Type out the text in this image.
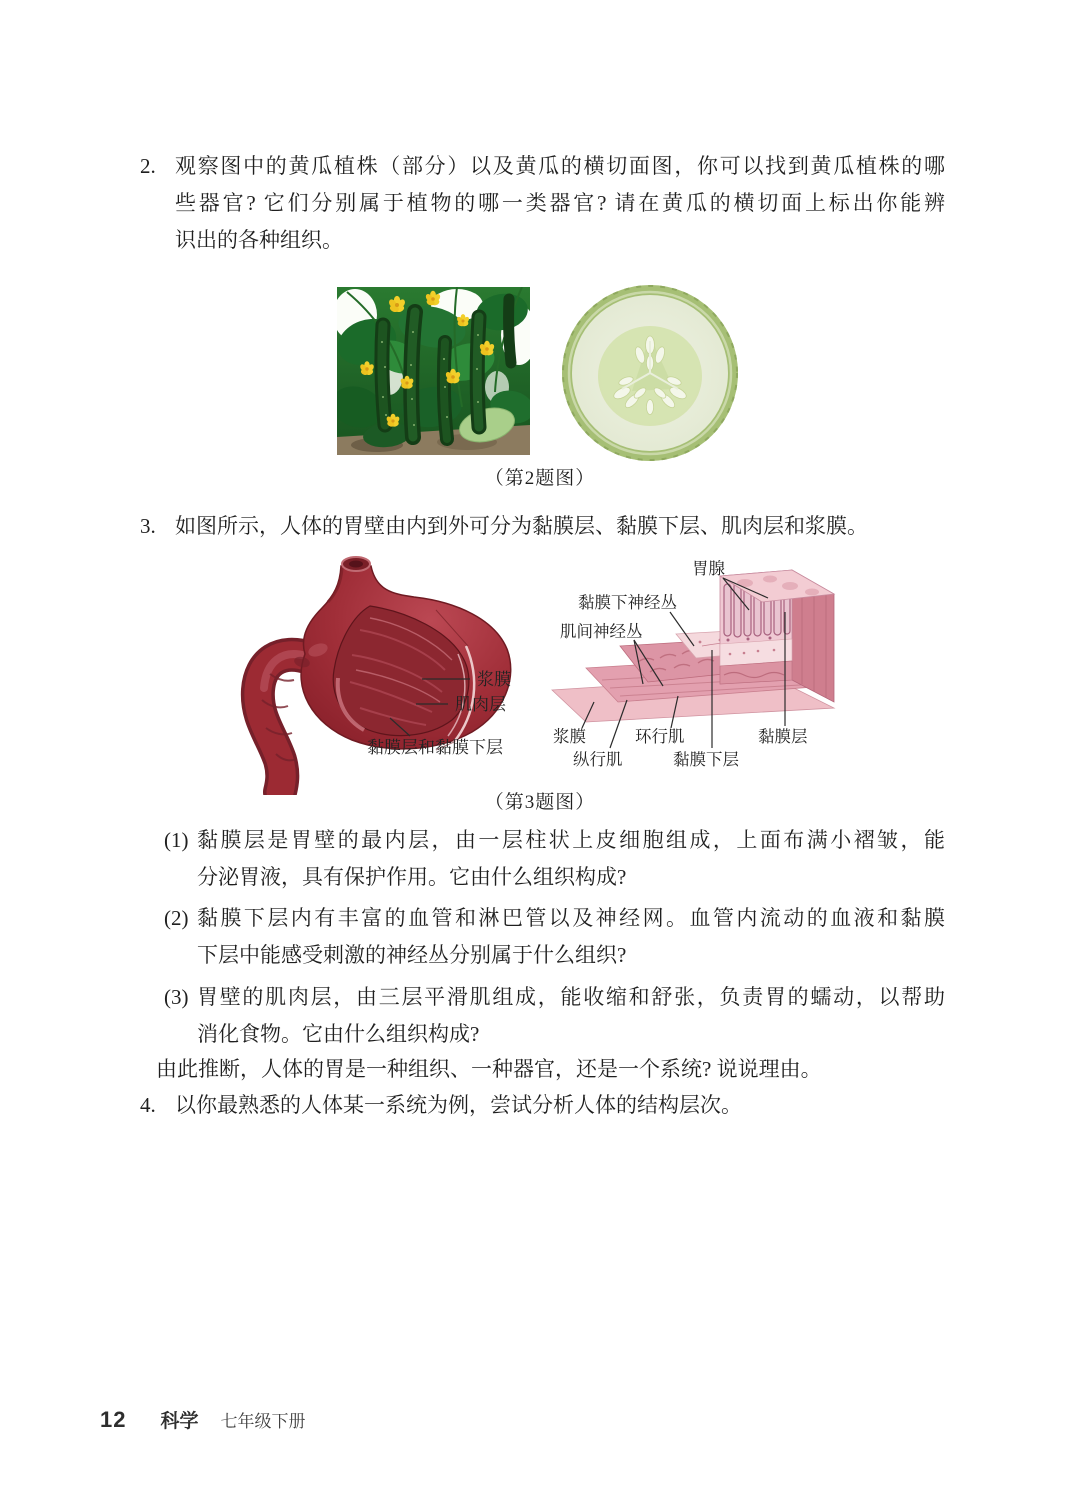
2. 观察图中的黄瓜植株（部分）以及黄瓜的横切面图，你可以找到黄瓜植株的哪
些器官? 它们分别属于植物的哪一类器官? 请在黄瓜的横切面上标出你能辨
识出的各种组织。
（第2题图）
3. 如图所示，人体的胃壁由内到外可分为黏膜层、黏膜下层、肌肉层和浆膜。
浆膜
肌肉层
黏膜层和黏膜下层
胃腺
黏膜下神经丛
肌间神经丛
浆膜
纵行肌
环行肌
黏膜下层
黏膜层
（第3题图）
(1) 黏膜层是胃壁的最内层，由一层柱状上皮细胞组成，上面布满小褶皱，能
分泌胃液，具有保护作用。它由什么组织构成?
(2) 黏膜下层内有丰富的血管和淋巴管以及神经网。血管内流动的血液和黏膜
下层中能感受刺激的神经丛分别属于什么组织?
(3) 胃壁的肌肉层，由三层平滑肌组成，能收缩和舒张，负责胃的蠕动，以帮助
消化食物。它由什么组织构成?
由此推断，人体的胃是一种组织、一种器官，还是一个系统? 说说理由。
4. 以你最熟悉的人体某一系统为例，尝试分析人体的结构层次。
12 科学 七年级下册
